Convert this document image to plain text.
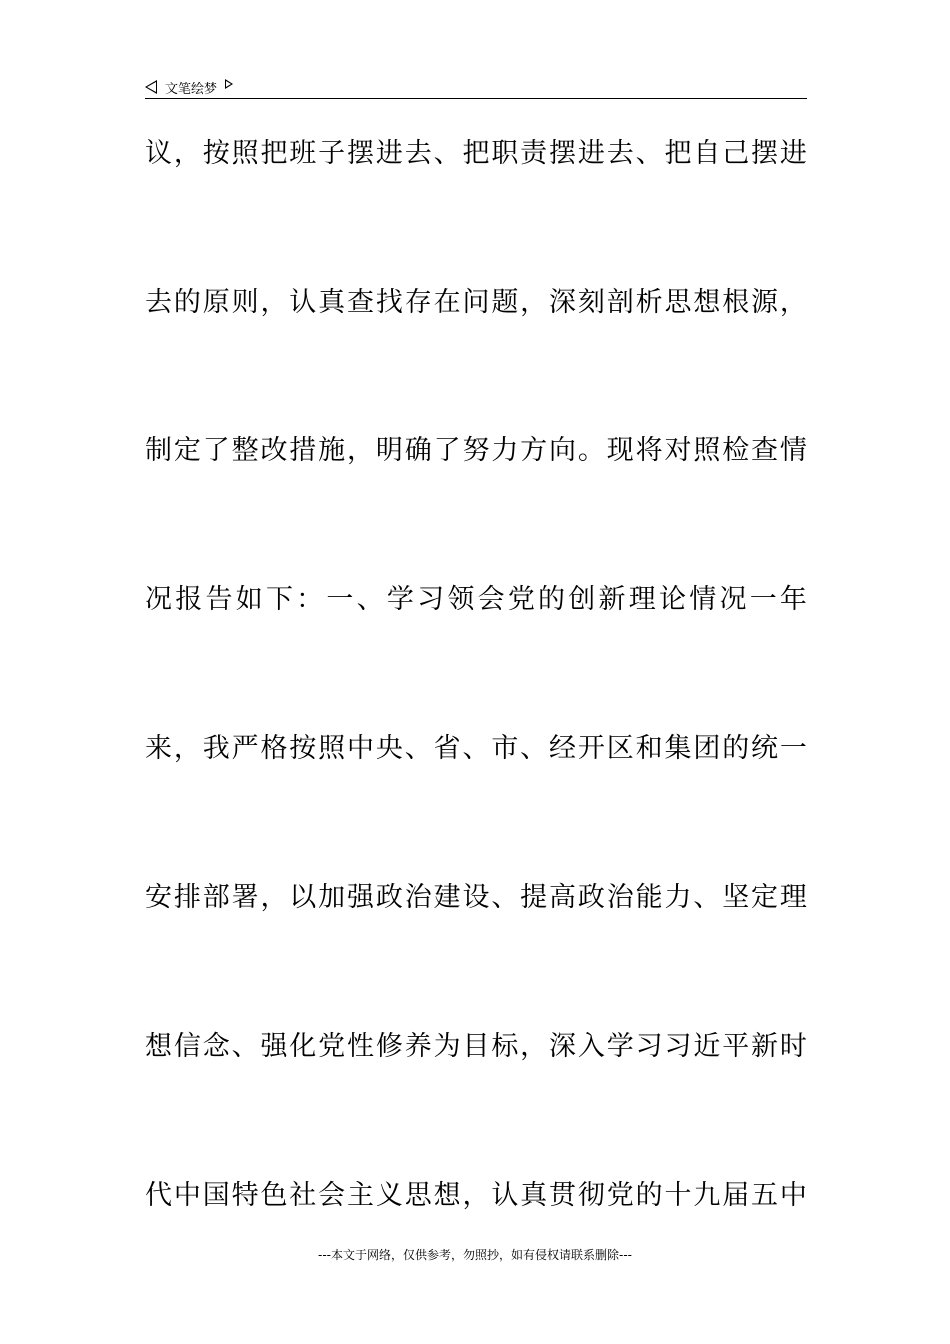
文笔绘梦
议 ， 按 照 把 班 子 摆 进 去 、 把 职 责 摆 进 去 、 把 自 己 摆 进
去 的 原 则 ， 认 真 查 找 存 在 问 题 ， 深 刻 剖 析 思 想 根 源 ，
制 定 了 整 改 措 施 ， 明 确 了 努 力 方 向 。 现 将 对 照 检 查 情
况 报 告 如 下 ： 一 、 学 习 领 会 党 的 创 新 理 论 情 况 一 年
来 ， 我 严 格 按 照 中 央 、 省 、 市 、 经 开 区 和 集 团 的 统 一
安 排 部 署 ， 以 加 强 政 治 建 设 、 提 高 政 治 能 力 、 坚 定 理
想 信 念 、 强 化 党 性 修 养 为 目 标 ， 深 入 学 习 习 近 平 新 时
代 中 国 特 色 社 会 主 义 思 想 ， 认 真 贯 彻 党 的 十 九 届 五 中
---本文于网络，仅供参考，勿照抄，如有侵权请联系删除---
